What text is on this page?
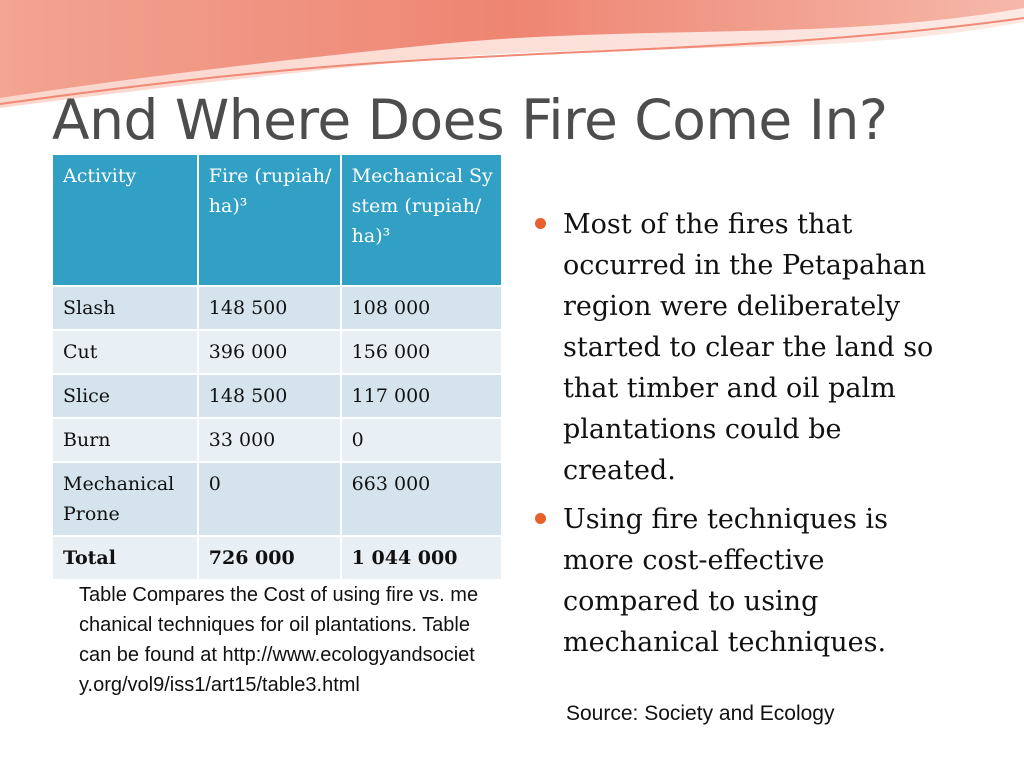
And Where Does Fire Come In?
Activity	Fire (rupiah/ha)³	Mechanical System (rupiah/ha)³
Slash	148 500	108 000
Cut	396 000	156 000
Slice	148 500	117 000
Burn	33 000	0
Mechanical Prone	0	663 000
Total	726 000	1 044 000
Most of the fires that occurred in the Petapahan region were deliberately started to clear the land so that timber and oil palm plantations could be created.
Using fire techniques is more cost-effective compared to using mechanical techniques.
Table Compares the Cost of using fire vs. mechanical techniques for oil plantations. Table can be found at http://www.ecologyandsociety.org/vol9/iss1/art15/table3.html
Source: Society and Ecology
